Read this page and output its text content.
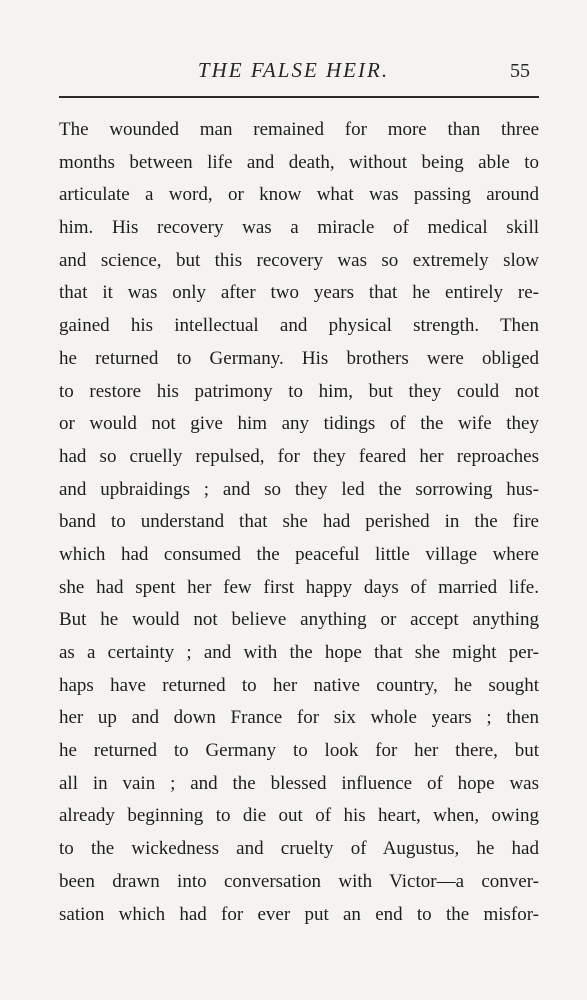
THE FALSE HEIR.	55
The wounded man remained for more than three
months between life and death, without being able to
articulate a word, or know what was passing around
him. His recovery was a miracle of medical skill
and science, but this recovery was so extremely slow
that it was only after two years that he entirely re-
gained his intellectual and physical strength. Then
he returned to Germany. His brothers were obliged
to restore his patrimony to him, but they could not
or would not give him any tidings of the wife they
had so cruelly repulsed, for they feared her reproaches
and upbraidings ; and so they led the sorrowing hus-
band to understand that she had perished in the fire
which had consumed the peaceful little village where
she had spent her few first happy days of married life.
But he would not believe anything or accept anything
as a certainty ; and with the hope that she might per-
haps have returned to her native country, he sought
her up and down France for six whole years ; then
he returned to Germany to look for her there, but
all in vain ; and the blessed influence of hope was
already beginning to die out of his heart, when, owing
to the wickedness and cruelty of Augustus, he had
been drawn into conversation with Victor—a conver-
sation which had for ever put an end to the misfor-
